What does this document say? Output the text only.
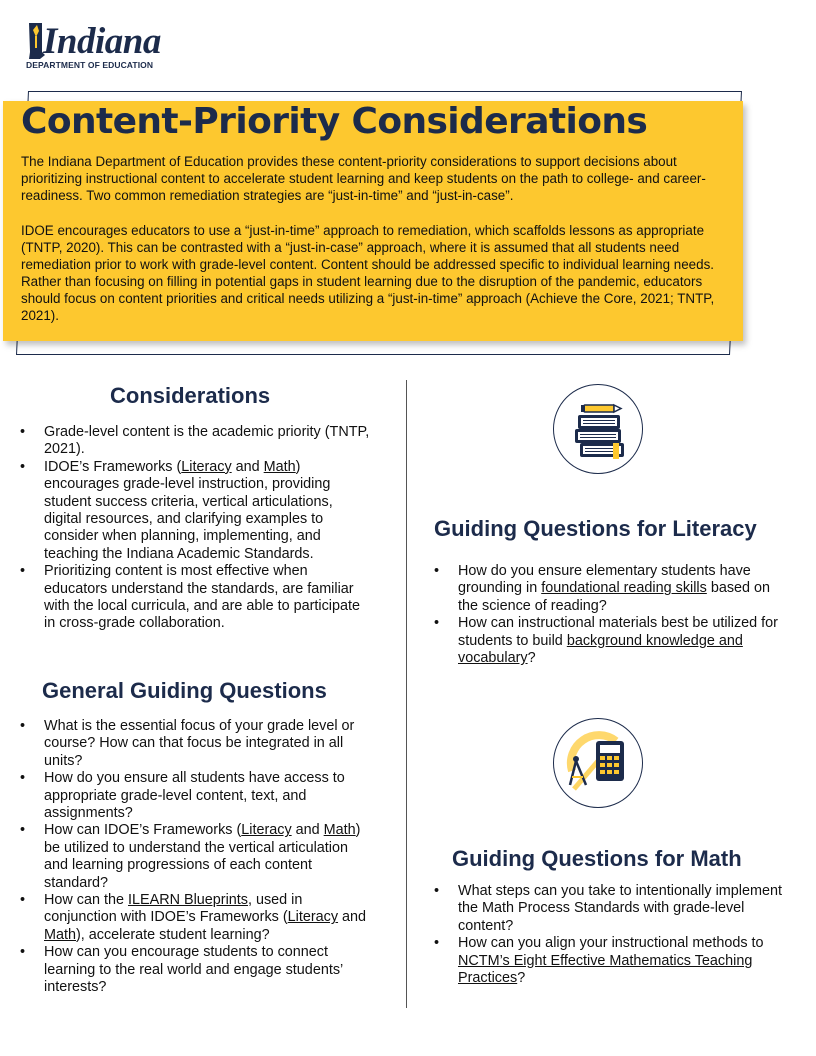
Indiana
DEPARTMENT OF EDUCATION
Content-Priority Considerations

The Indiana Department of Education provides these content-priority considerations to support decisions about prioritizing instructional content to accelerate student learning and keep students on the path to college- and career-readiness. Two common remediation strategies are “just-in-time” and “just-in-case”.

IDOE encourages educators to use a “just-in-time” approach to remediation, which scaffolds lessons as appropriate (TNTP, 2020). This can be contrasted with a “just-in-case” approach, where it is assumed that all students need remediation prior to work with grade-level content. Content should be addressed specific to individual learning needs. Rather than focusing on filling in potential gaps in student learning due to the disruption of the pandemic, educators should focus on content priorities and critical needs utilizing a “just-in-time” approach (Achieve the Core, 2021; TNTP, 2021).

Considerations
• Grade-level content is the academic priority (TNTP, 2021).
• IDOE’s Frameworks (Literacy and Math) encourages grade-level instruction, providing student success criteria, vertical articulations, digital resources, and clarifying examples to consider when planning, implementing, and teaching the Indiana Academic Standards.
• Prioritizing content is most effective when educators understand the standards, are familiar with the local curricula, and are able to participate in cross-grade collaboration.
General Guiding Questions
• What is the essential focus of your grade level or course? How can that focus be integrated in all units?
• How do you ensure all students have access to appropriate grade-level content, text, and assignments?
• How can IDOE’s Frameworks (Literacy and Math) be utilized to understand the vertical articulation and learning progressions of each content standard?
• How can the ILEARN Blueprints, used in conjunction with IDOE’s Frameworks (Literacy and Math), accelerate student learning?
• How can you encourage students to connect learning to the real world and engage students’ interests?
Guiding Questions for Literacy
• How do you ensure elementary students have grounding in foundational reading skills based on the science of reading?
• How can instructional materials best be utilized for students to build background knowledge and vocabulary?
Guiding Questions for Math
• What steps can you take to intentionally implement the Math Process Standards with grade-level content?
• How can you align your instructional methods to NCTM’s Eight Effective Mathematics Teaching Practices?
